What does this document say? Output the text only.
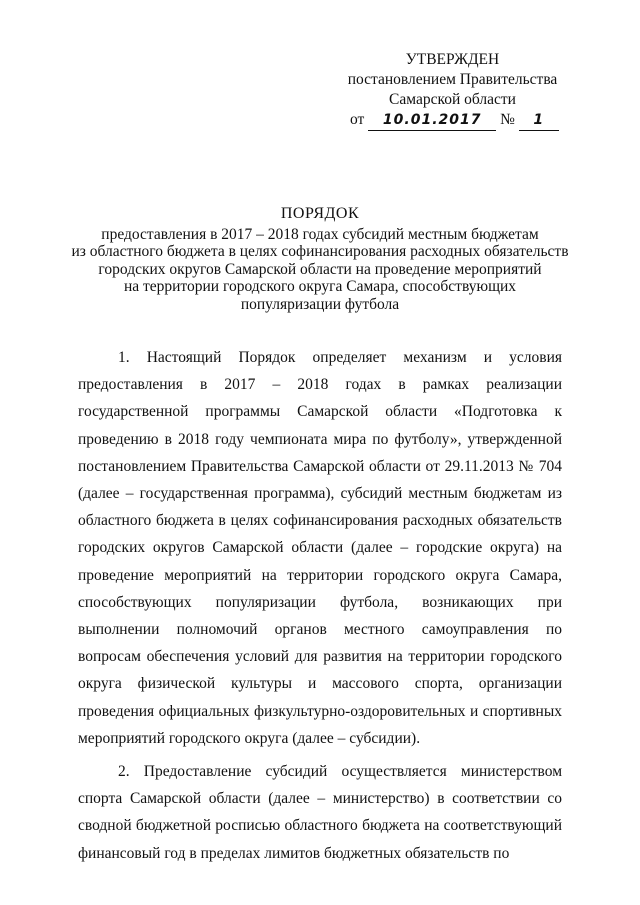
УТВЕРЖДЕН
постановлением Правительства
Самарской области
от 10.01.2017 № 1
ПОРЯДОК
предоставления в 2017 – 2018 годах субсидий местным бюджетам
из областного бюджета в целях софинансирования расходных обязательств
городских округов Самарской области на проведение мероприятий
на территории городского округа Самара, способствующих
популяризации футбола

1. Настоящий Порядок определяет механизм и условия предоставления в 2017 – 2018 годах в рамках реализации государственной программы Самарской области «Подготовка к проведению в 2018 году чемпионата мира по футболу», утвержденной постановлением Правительства Самарской области от 29.11.2013 № 704 (далее – государственная программа), субсидий местным бюджетам из областного бюджета в целях софинансирования расходных обязательств городских округов Самарской области (далее – городские округа) на проведение мероприятий на территории городского округа Самара, способствующих популяризации футбола, возникающих при выполнении полномочий органов местного самоуправления по вопросам обеспечения условий для развития на территории городского округа физической культуры и массового спорта, организации проведения официальных физкультурно-оздоровительных и спортивных мероприятий городского округа (далее – субсидии).

2. Предоставление субсидий осуществляется министерством спорта Самарской области (далее – министерство) в соответствии со сводной бюджетной росписью областного бюджета на соответствующий финансовый год в пределах лимитов бюджетных обязательств по
